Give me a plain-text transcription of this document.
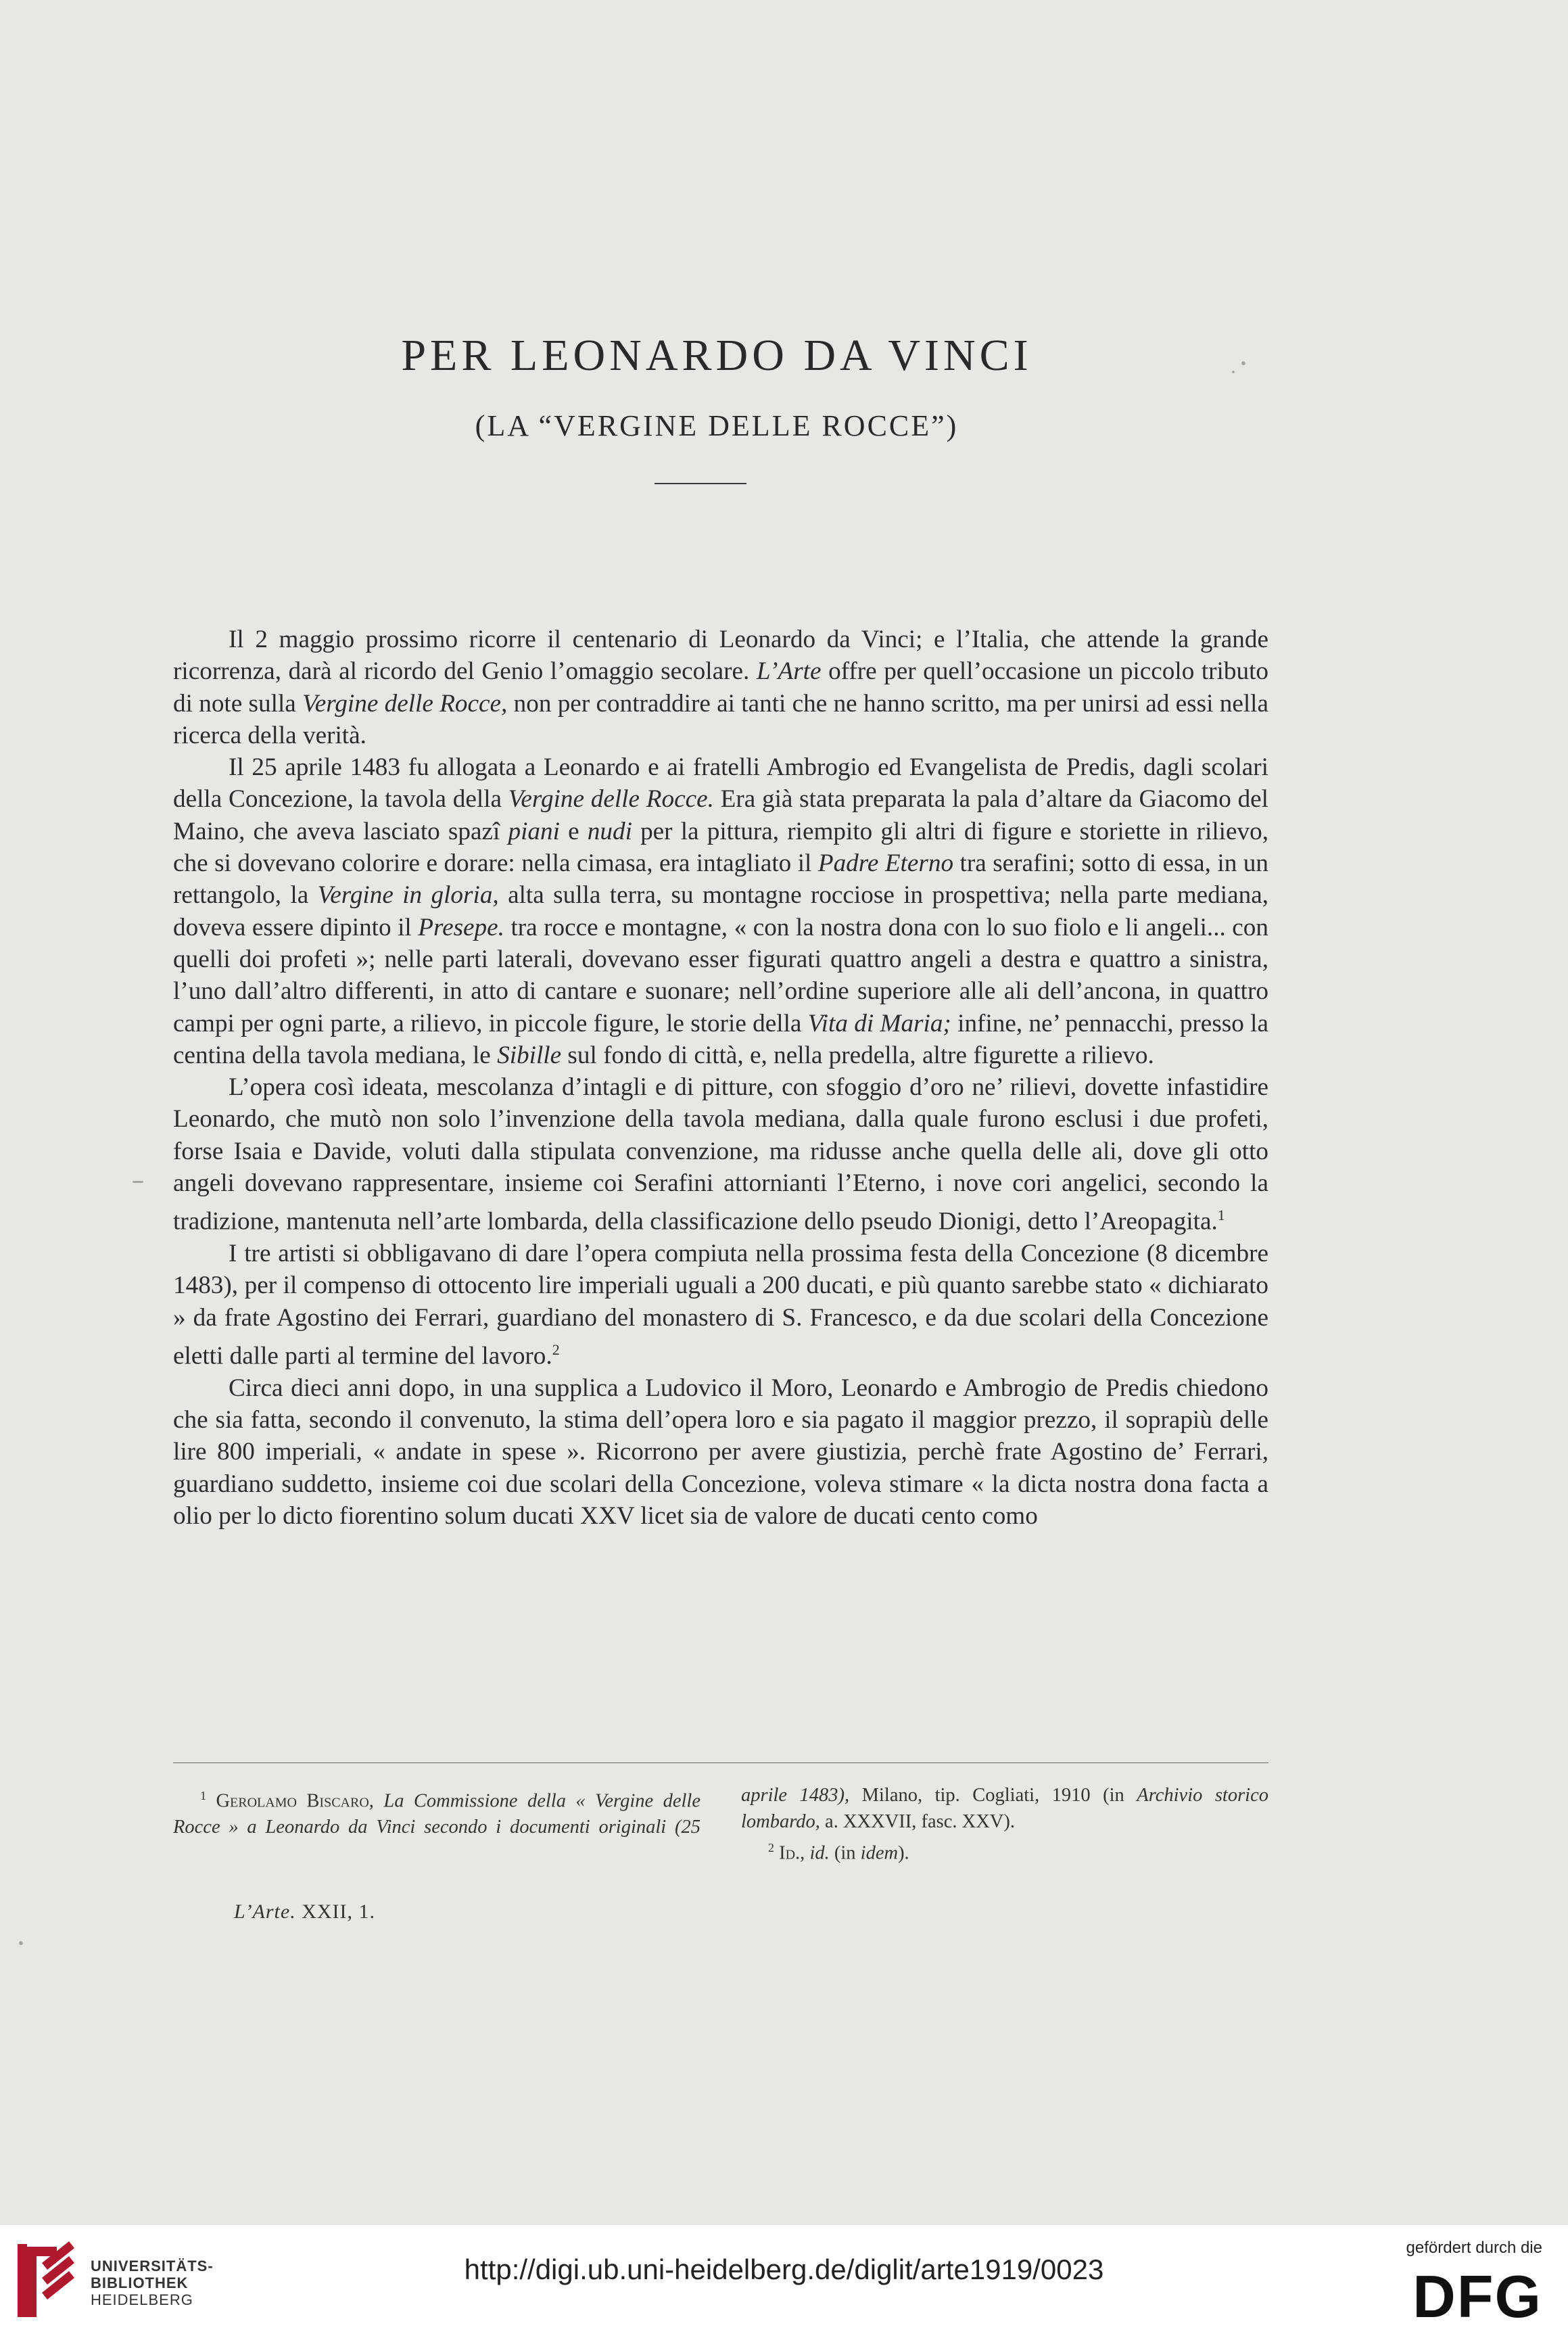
PER LEONARDO DA VINCI
(LA “VERGINE DELLE ROCCE”)

Il 2 maggio prossimo ricorre il centenario di Leonardo da Vinci; e l’Italia, che attende la grande ricorrenza, darà al ricordo del Genio l’omaggio secolare. L’Arte offre per quell’occasione un piccolo tributo di note sulla Vergine delle Rocce, non per contraddire ai tanti che ne hanno scritto, ma per unirsi ad essi nella ricerca della verità.

Il 25 aprile 1483 fu allogata a Leonardo e ai fratelli Ambrogio ed Evangelista de Predis, dagli scolari della Concezione, la tavola della Vergine delle Rocce. Era già stata preparata la pala d’altare da Giacomo del Maino, che aveva lasciato spazî piani e nudi per la pittura, riempito gli altri di figure e storiette in rilievo, che si dovevano colorire e dorare: nella cimasa, era intagliato il Padre Eterno tra serafini; sotto di essa, in un rettangolo, la Vergine in gloria, alta sulla terra, su montagne rocciose in prospettiva; nella parte mediana, doveva essere dipinto il Presepe. tra rocce e montagne, « con la nostra dona con lo suo fiolo e li angeli... con quelli doi profeti »; nelle parti laterali, dovevano esser figurati quattro angeli a destra e quattro a sinistra, l’uno dall’altro differenti, in atto di cantare e suonare; nell’ordine superiore alle ali dell’ancona, in quattro campi per ogni parte, a rilievo, in piccole figure, le storie della Vita di Maria; infine, ne’ pennacchi, presso la centina della tavola mediana, le Sibille sul fondo di città, e, nella predella, altre figurette a rilievo.

L’opera così ideata, mescolanza d’intagli e di pitture, con sfoggio d’oro ne’ rilievi, dovette infastidire Leonardo, che mutò non solo l’invenzione della tavola mediana, dalla quale furono esclusi i due profeti, forse Isaia e Davide, voluti dalla stipulata convenzione, ma ridusse anche quella delle ali, dove gli otto angeli dovevano rappresentare, insieme coi Serafini attornianti l’Eterno, i nove cori angelici, secondo la tradizione, mantenuta nell’arte lombarda, della classificazione dello pseudo Dionigi, detto l’Areopagita.$^1$

I tre artisti si obbligavano di dare l’opera compiuta nella prossima festa della Concezione (8 dicembre 1483), per il compenso di ottocento lire imperiali uguali a 200 ducati, e più quanto sarebbe stato « dichiarato » da frate Agostino dei Ferrari, guardiano del monastero di S. Francesco, e da due scolari della Concezione eletti dalle parti al termine del lavoro.$^2$

Circa dieci anni dopo, in una supplica a Ludovico il Moro, Leonardo e Ambrogio de Predis chiedono che sia fatta, secondo il convenuto, la stima dell’opera loro e sia pagato il maggior prezzo, il soprapiù delle lire 800 imperiali, « andate in spese ». Ricorrono per avere giustizia, perchè frate Agostino de’ Ferrari, guardiano suddetto, insieme coi due scolari della Concezione, voleva stimare « la dicta nostra dona facta a olio per lo dicto fiorentino solum ducati XXV licet sia de valore de ducati cento como

$^1$ Gerolamo Biscaro, La Commissione della « Vergine delle Rocce » a Leonardo da Vinci secondo i documenti originali (25 aprile 1483), Milano, tip. Cogliati, 1910 (in Archivio storico lombardo, a. XXXVII, fasc. XXV).

$^2$ Id., id. (in idem).

L’Arte. XXII, 1.
UNIVERSITÄTS-
BIBLIOTHEK
HEIDELBERG
http://digi.ub.uni-heidelberg.de/diglit/arte1919/0023
gefördert durch die
DFG
